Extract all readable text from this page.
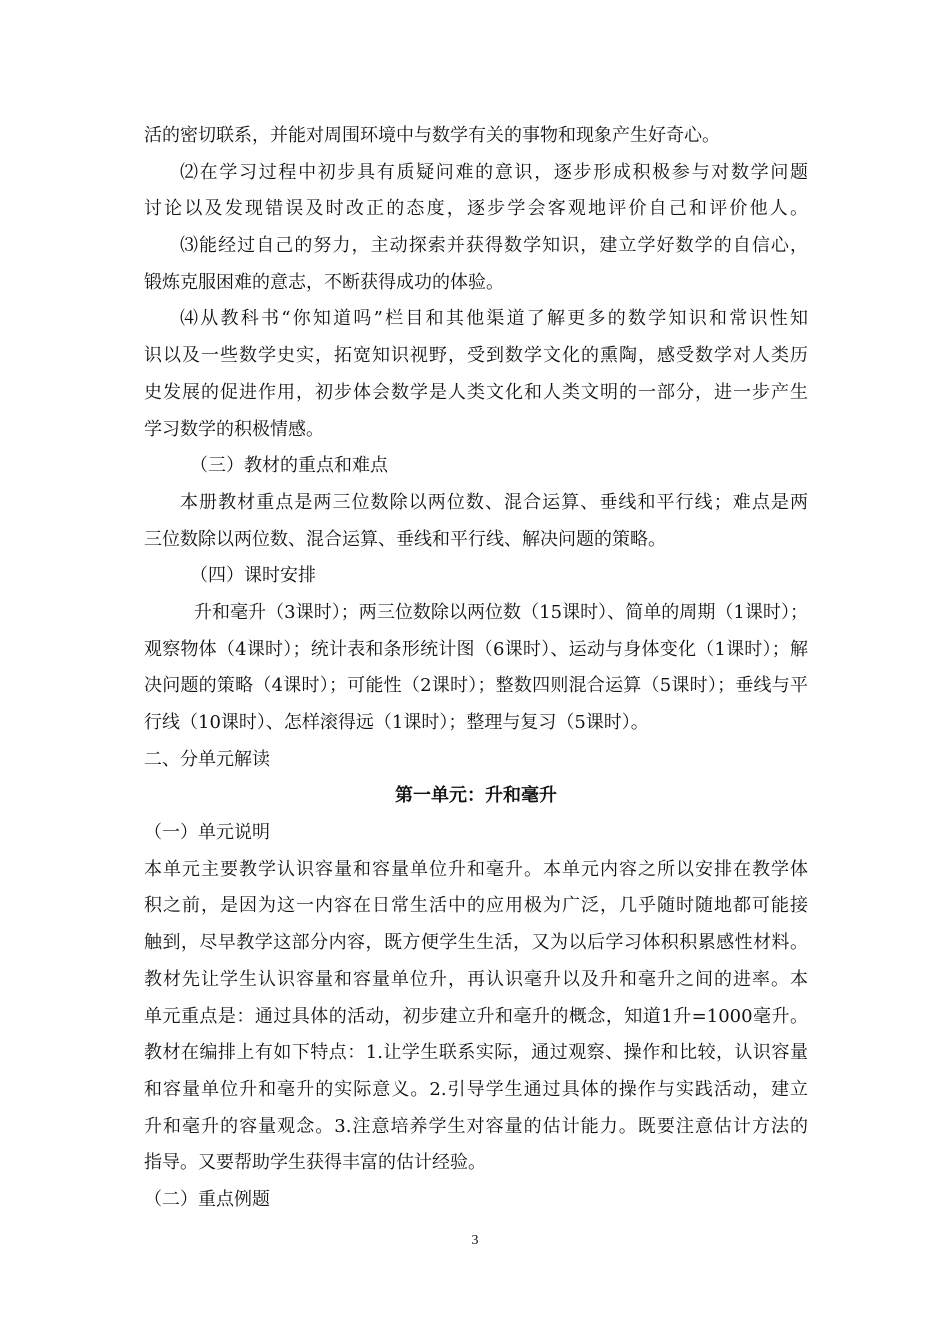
活的密切联系，并能对周围环境中与数学有关的事物和现象产生好奇心。
⑵在学习过程中初步具有质疑问难的意识，逐步形成积极参与对数学问题
讨论以及发现错误及时改正的态度，逐步学会客观地评价自己和评价他人。
⑶能经过自己的努力，主动探索并获得数学知识，建立学好数学的自信心，
锻炼克服困难的意志，不断获得成功的体验。
⑷从教科书“你知道吗”栏目和其他渠道了解更多的数学知识和常识性知
识以及一些数学史实，拓宽知识视野，受到数学文化的熏陶，感受数学对人类历
史发展的促进作用，初步体会数学是人类文化和人类文明的一部分，进一步产生
学习数学的积极情感。
（三）教材的重点和难点
本册教材重点是两三位数除以两位数、混合运算、垂线和平行线；难点是两
三位数除以两位数、混合运算、垂线和平行线、解决问题的策略。
（四）课时安排
升和毫升（3课时）；两三位数除以两位数（15课时）、简单的周期（1课时）；
观察物体（4课时）；统计表和条形统计图（6课时）、运动与身体变化（1课时）；解
决问题的策略（4课时）；可能性（2课时）；整数四则混合运算（5课时）；垂线与平
行线（10课时）、怎样滚得远（1课时）；整理与复习（5课时）。
二、分单元解读
第一单元：升和毫升
（一）单元说明
本单元主要教学认识容量和容量单位升和毫升。本单元内容之所以安排在教学体
积之前，是因为这一内容在日常生活中的应用极为广泛，几乎随时随地都可能接
触到，尽早教学这部分内容，既方便学生生活，又为以后学习体积积累感性材料。
教材先让学生认识容量和容量单位升，再认识毫升以及升和毫升之间的进率。本
单元重点是：通过具体的活动，初步建立升和毫升的概念，知道1升=1000毫升。
教材在编排上有如下特点：1.让学生联系实际，通过观察、操作和比较，认识容量
和容量单位升和毫升的实际意义。2.引导学生通过具体的操作与实践活动，建立
升和毫升的容量观念。3.注意培养学生对容量的估计能力。既要注意估计方法的
指导。又要帮助学生获得丰富的估计经验。
（二）重点例题
3
